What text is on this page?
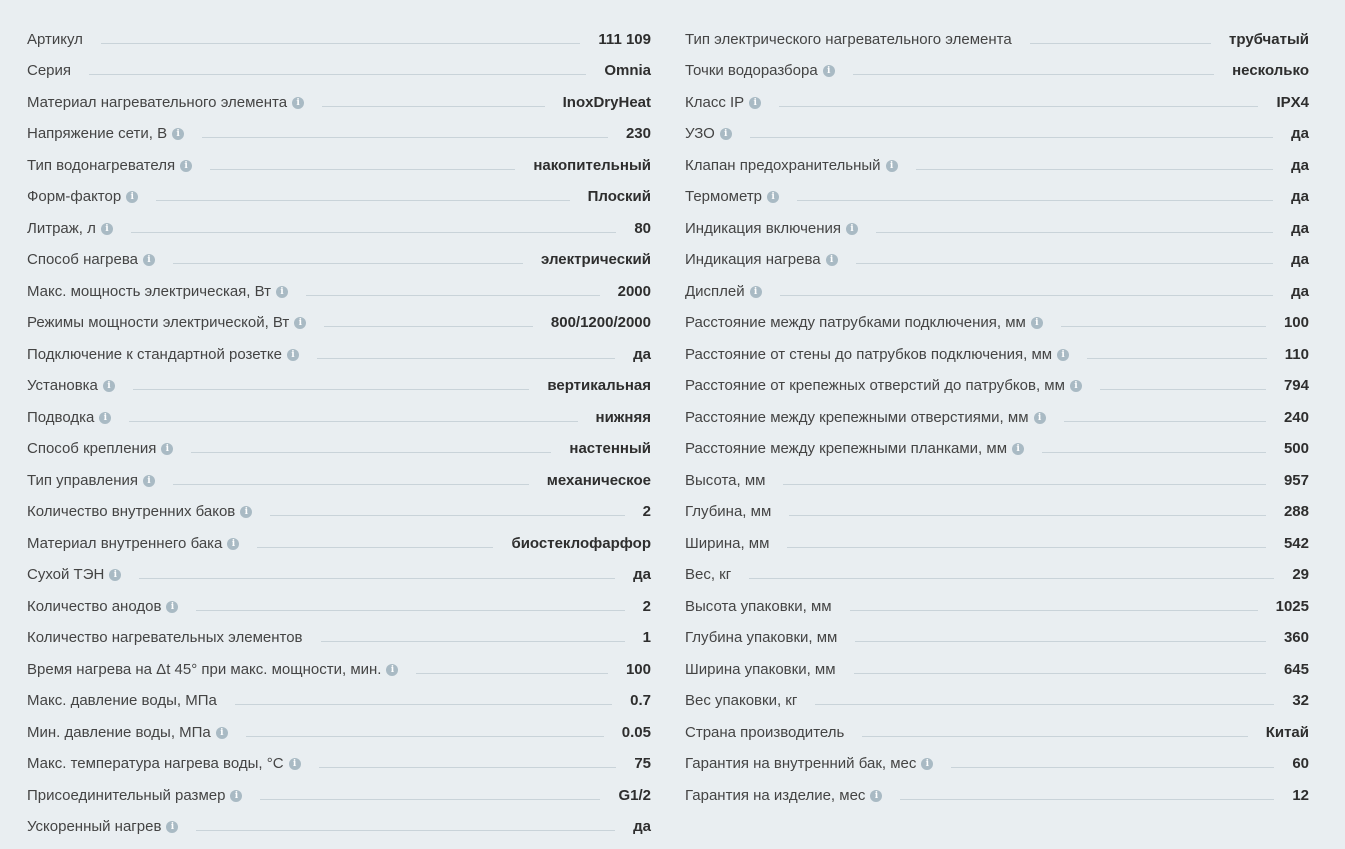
Артикул	111 109
Серия	Omnia
Материал нагревательного элемента	i	InoxDryHeat
Напряжение сети, В	i	230
Тип водонагревателя	i	накопительный
Форм-фактор	i	Плоский
Литраж, л	i	80
Способ нагрева	i	электрический
Макс. мощность электрическая, Вт	i	2000
Режимы мощности электрической, Вт	i	800/1200/2000
Подключение к стандартной розетке	i	да
Установка	i	вертикальная
Подводка	i	нижняя
Способ крепления	i	настенный
Тип управления	i	механическое
Количество внутренних баков	i	2
Материал внутреннего бака	i	биостеклофарфор
Сухой ТЭН	i	да
Количество анодов	i	2
Количество нагревательных элементов	1
Время нагрева на Δt 45° при макс. мощности, мин.	i	100
Макс. давление воды, МПа	0.7
Мин. давление воды, МПа	i	0.05
Макс. температура нагрева воды, °С	i	75
Присоединительный размер	i	G1/2
Ускоренный нагрев	i	да
Тип электрического нагревательного элемента	трубчатый
Точки водоразбора	i	несколько
Класс IP	i	IPX4
УЗО	i	да
Клапан предохранительный	i	да
Термометр	i	да
Индикация включения	i	да
Индикация нагрева	i	да
Дисплей	i	да
Расстояние между патрубками подключения, мм	i	100
Расстояние от стены до патрубков подключения, мм	i	110
Расстояние от крепежных отверстий до патрубков, мм	i	794
Расстояние между крепежными отверстиями, мм	i	240
Расстояние между крепежными планками, мм	i	500
Высота, мм	957
Глубина, мм	288
Ширина, мм	542
Вес, кг	29
Высота упаковки, мм	1025
Глубина упаковки, мм	360
Ширина упаковки, мм	645
Вес упаковки, кг	32
Страна производитель	Китай
Гарантия на внутренний бак, мес	i	60
Гарантия на изделие, мес	i	12
